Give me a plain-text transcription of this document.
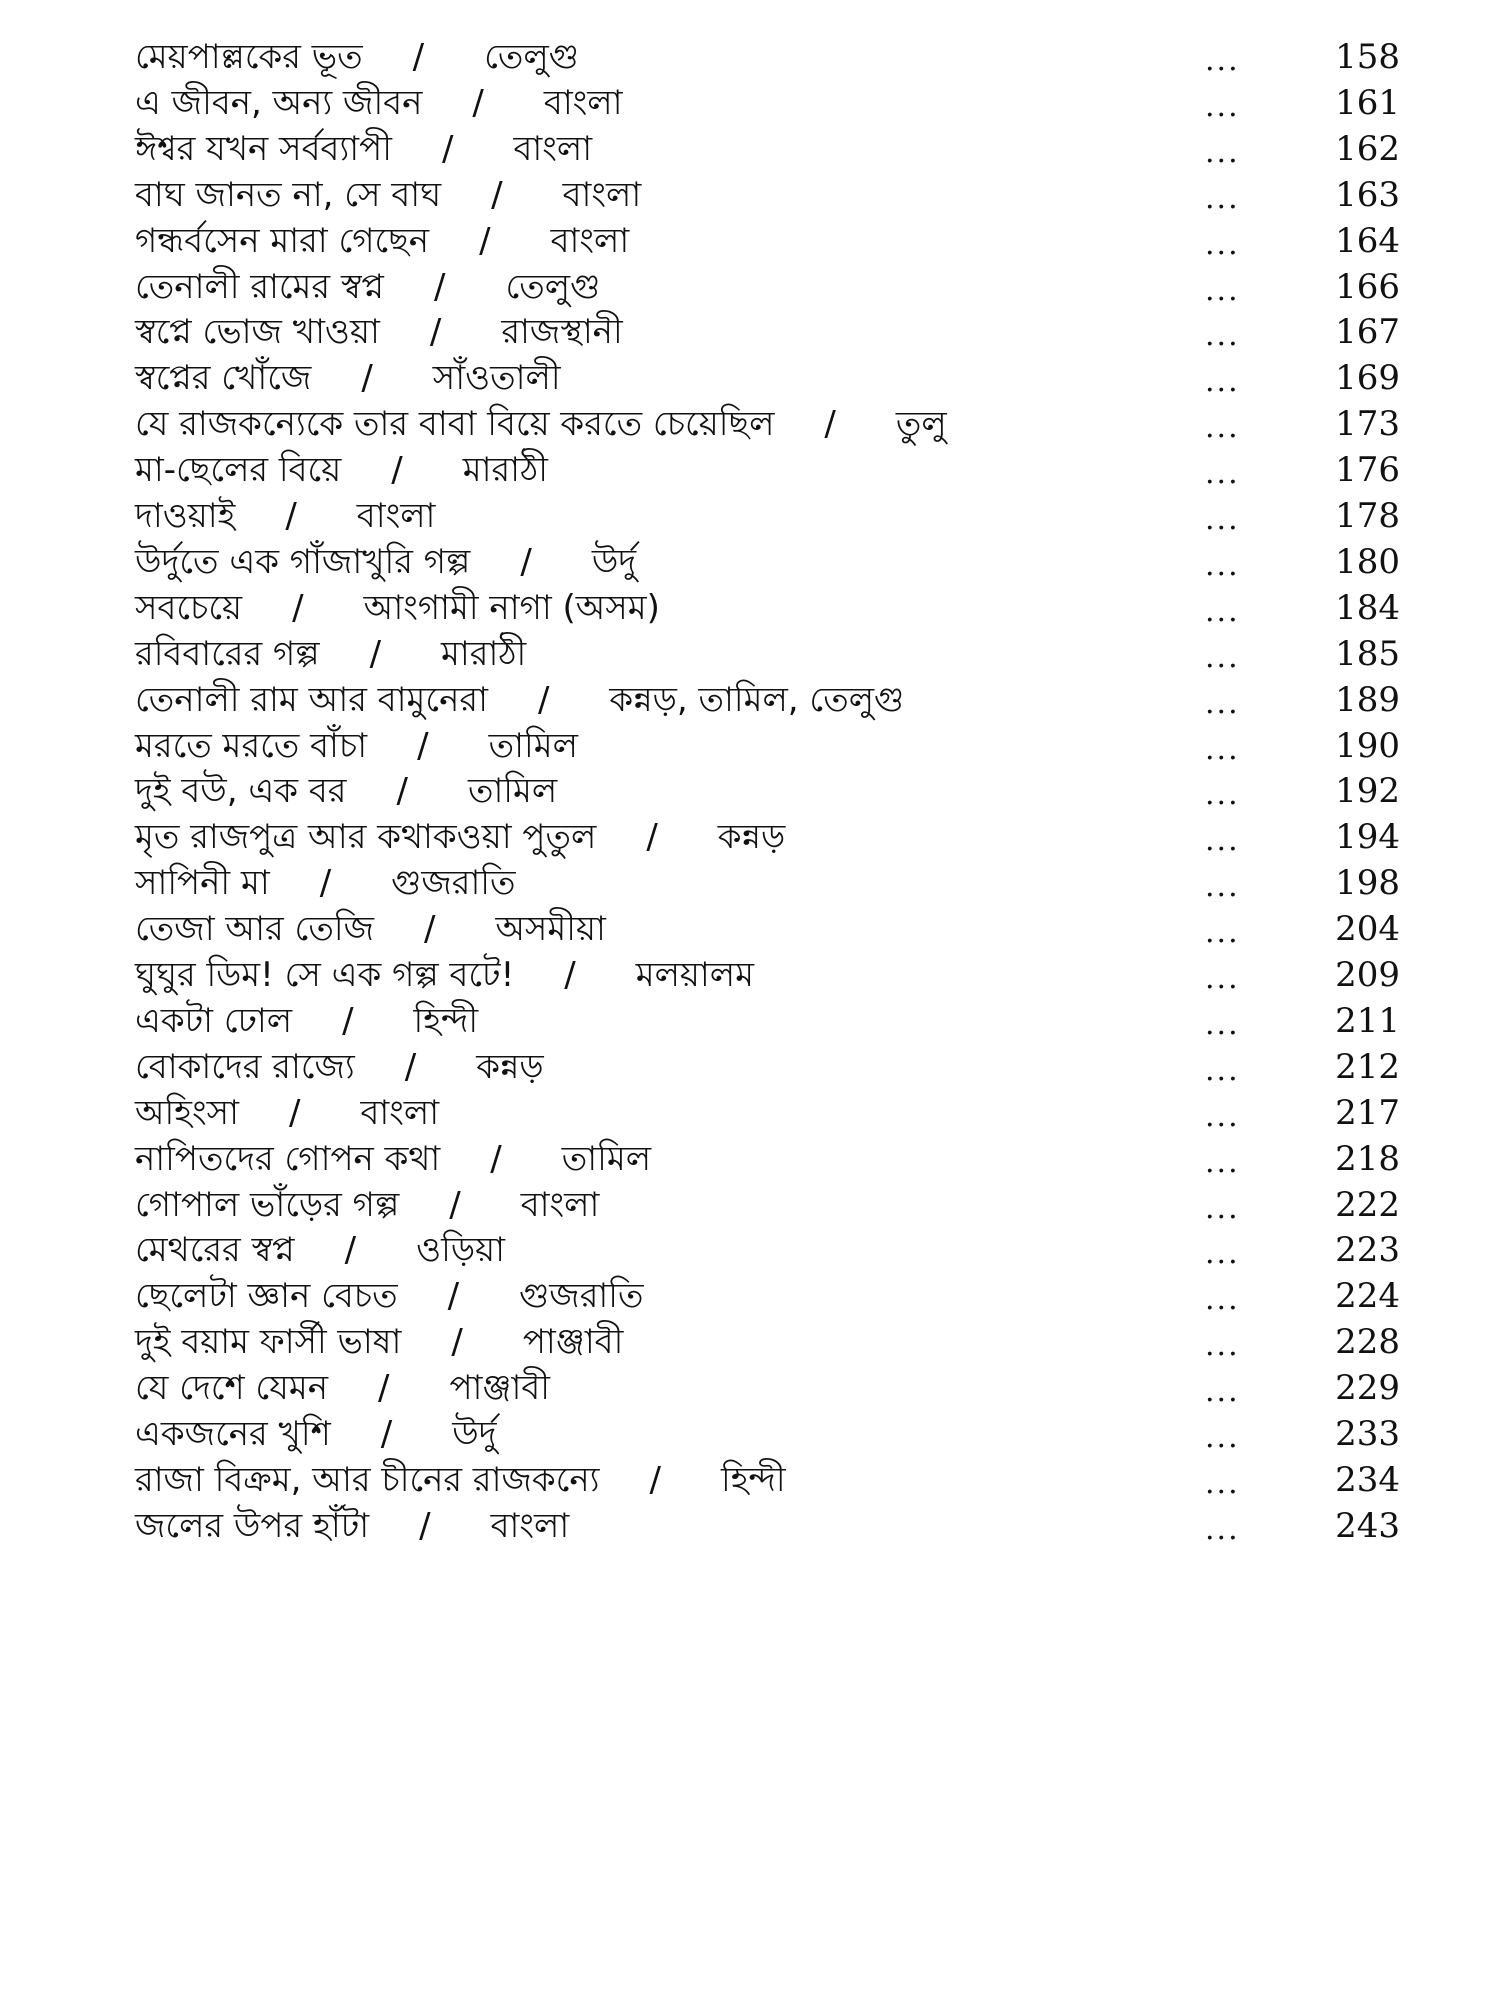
মেয়পাল্লকের ভূত / তেলুগু	...	158
এ জীবন, অন্য জীবন / বাংলা	...	161
ঈশ্বর যখন সর্বব্যাপী / বাংলা	...	162
বাঘ জানত না, সে বাঘ / বাংলা	...	163
গন্ধর্বসেন মারা গেছেন / বাংলা	...	164
তেনালী রামের স্বপ্ন / তেলুগু	...	166
স্বপ্নে ভোজ খাওয়া / রাজস্থানী	...	167
স্বপ্নের খোঁজে / সাঁওতালী	...	169
যে রাজকন্যেকে তার বাবা বিয়ে করতে চেয়েছিল / তুলু	...	173
মা-ছেলের বিয়ে / মারাঠী	...	176
দাওয়াই / বাংলা	...	178
উর্দুতে এক গাঁজাখুরি গল্প / উর্দু	...	180
সবচেয়ে / আংগামী নাগা (অসম)	...	184
রবিবারের গল্প / মারাঠী	...	185
তেনালী রাম আর বামুনেরা / কন্নড়, তামিল, তেলুগু	...	189
মরতে মরতে বাঁচা / তামিল	...	190
দুই বউ, এক বর / তামিল	...	192
মৃত রাজপুত্র আর কথাকওয়া পুতুল / কন্নড়	...	194
সাপিনী মা / গুজরাতি	...	198
তেজা আর তেজি / অসমীয়া	...	204
ঘুঘুর ডিম! সে এক গল্প বটে! / মলয়ালম	...	209
একটা ঢোল / হিন্দী	...	211
বোকাদের রাজ্যে / কন্নড়	...	212
অহিংসা / বাংলা	...	217
নাপিতদের গোপন কথা / তামিল	...	218
গোপাল ভাঁড়ের গল্প / বাংলা	...	222
মেথরের স্বপ্ন / ওড়িয়া	...	223
ছেলেটা জ্ঞান বেচত / গুজরাতি	...	224
দুই বয়াম ফার্সী ভাষা / পাঞ্জাবী	...	228
যে দেশে যেমন / পাঞ্জাবী	...	229
একজনের খুশি / উর্দু	...	233
রাজা বিক্রম, আর চীনের রাজকন্যে / হিন্দী	...	234
জলের উপর হাঁটা / বাংলা	...	243
